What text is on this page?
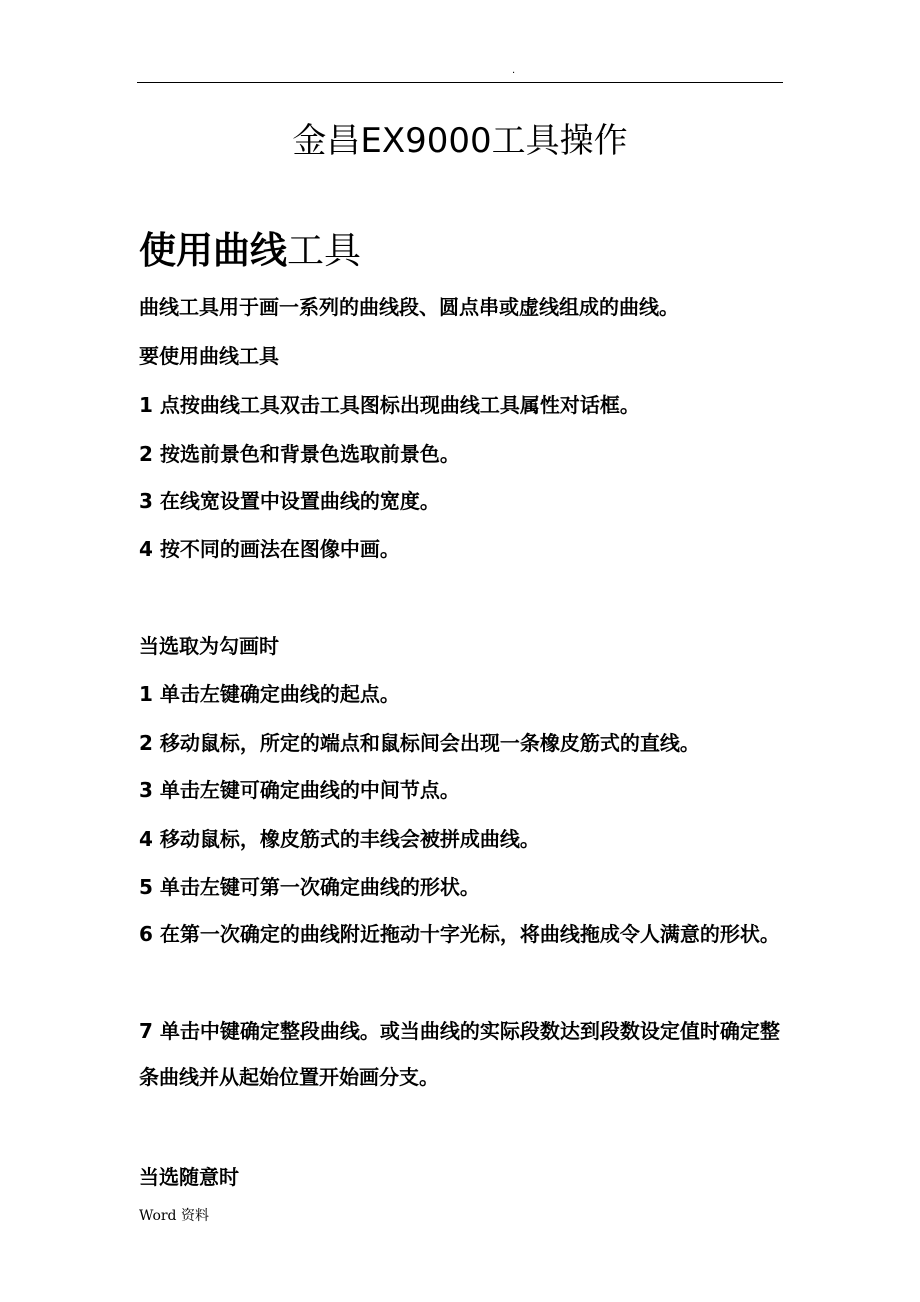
.
金昌EX9000工具操作
使用曲线工具
曲线工具用于画一系列的曲线段、圆点串或虚线组成的曲线。
要使用曲线工具
1 点按曲线工具双击工具图标出现曲线工具属性对话框。
2 按选前景色和背景色选取前景色。
3 在线宽设置中设置曲线的宽度。
4 按不同的画法在图像中画。
当选取为勾画时
1 单击左键确定曲线的起点。
2 移动鼠标，所定的端点和鼠标间会出现一条橡皮筋式的直线。
3 单击左键可确定曲线的中间节点。
4 移动鼠标，橡皮筋式的丰线会被拼成曲线。
5 单击左键可第一次确定曲线的形状。
6 在第一次确定的曲线附近拖动十字光标，将曲线拖成令人满意的形状。
7 单击中键确定整段曲线。或当曲线的实际段数达到段数设定值时确定整条曲线并从起始位置开始画分支。
当选随意时
Word 资料
